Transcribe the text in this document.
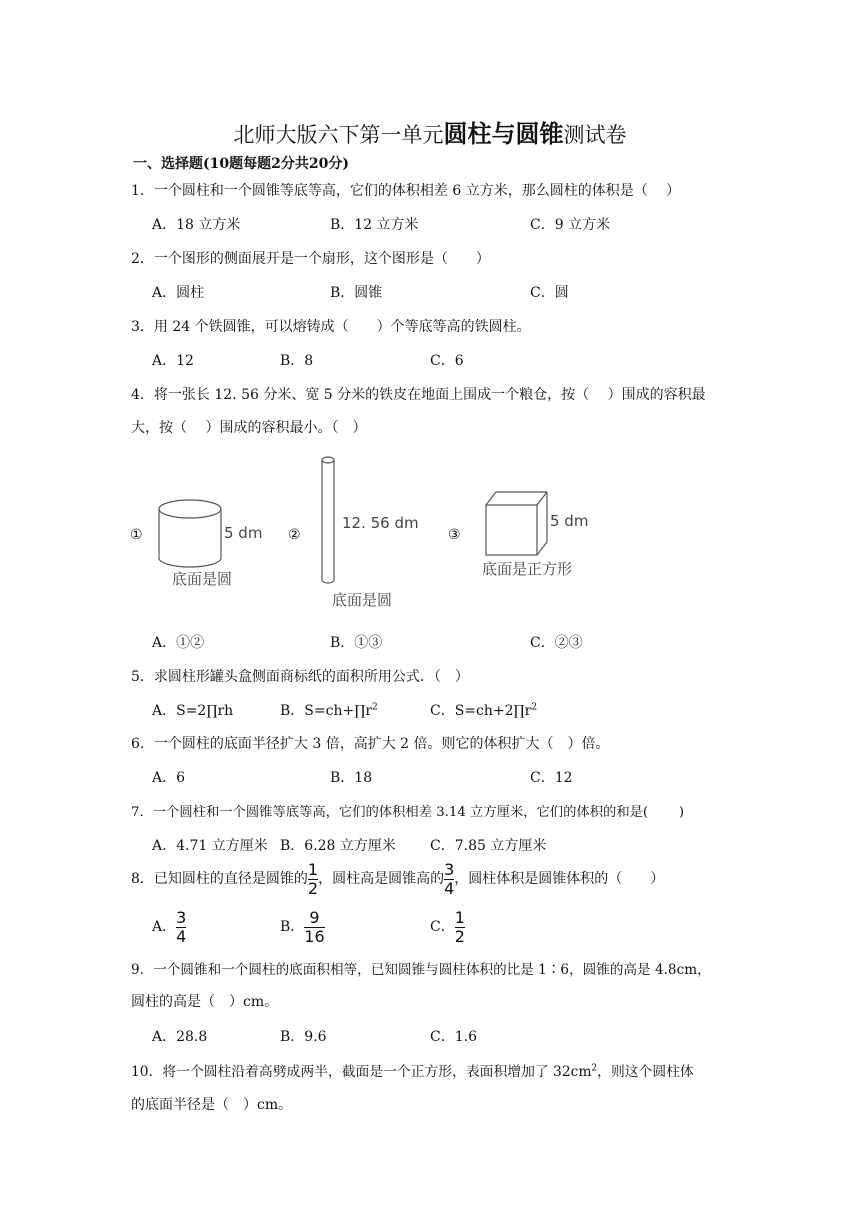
北师大版六下第一单元圆柱与圆锥测试卷
一、选择题(10题每题2分共20分)
1．一个圆柱和一个圆锥等底等高，它们的体积相差 6 立方米，那么圆柱的体积是（　 ）
A．18 立方米	B．12 立方米	C．9 立方米
2．一个图形的侧面展开是一个扇形，这个图形是（　　）
A．圆柱	B．圆锥	C．圆
3．用 24 个铁圆锥，可以熔铸成（　　）个等底等高的铁圆柱。
A．12	B．8	C．6
4．将一张长 12. 56 分米、宽 5 分米的铁皮在地面上围成一个粮仓，按（　 ）围成的容积最
大，按（　 ）围成的容积最小。（　）
①	5 dm
底面是圆
②
12. 56 dm
底面是圆
③
5 dm
底面是正方形
A．①②	B．①③	C．②③
5．求圆柱形罐头盒侧面商标纸的面积所用公式．（　）
A．S=2∏rh	B．$S=ch+\prod r^2$	C．$S=ch+2\prod r^2$
6．一个圆柱的底面半径扩大 3 倍，高扩大 2 倍。则它的体积扩大（　）倍。
A．6	B．18	C．12
7．一个圆柱和一个圆锥等底等高，它们的体积相差 3.14 立方厘米，它们的体积的和是(　　 )
A．4.71 立方厘米 B．6.28 立方厘米 C．7.85 立方厘米
8．已知圆柱的直径是圆锥的 $\frac{1}{2}$ ，圆柱高是圆锥高的 $\frac{3}{4}$ ，圆柱体积是圆锥体积的（　　）
A． $\frac{3}{4}$	B． $\frac{9}{16}$	C． $\frac{1}{2}$
9．一个圆锥和一个圆柱的底面积相等，已知圆锥与圆柱体积的比是 1∶6，圆锥的高是 4.8cm，
圆柱的高是（　）cm。
A．28.8	B．9.6	C．1.6
10．将一个圆柱沿着高劈成两半，截面是一个正方形，表面积增加了 $32cm^2$，则这个圆柱体
的底面半径是（　）cm。
